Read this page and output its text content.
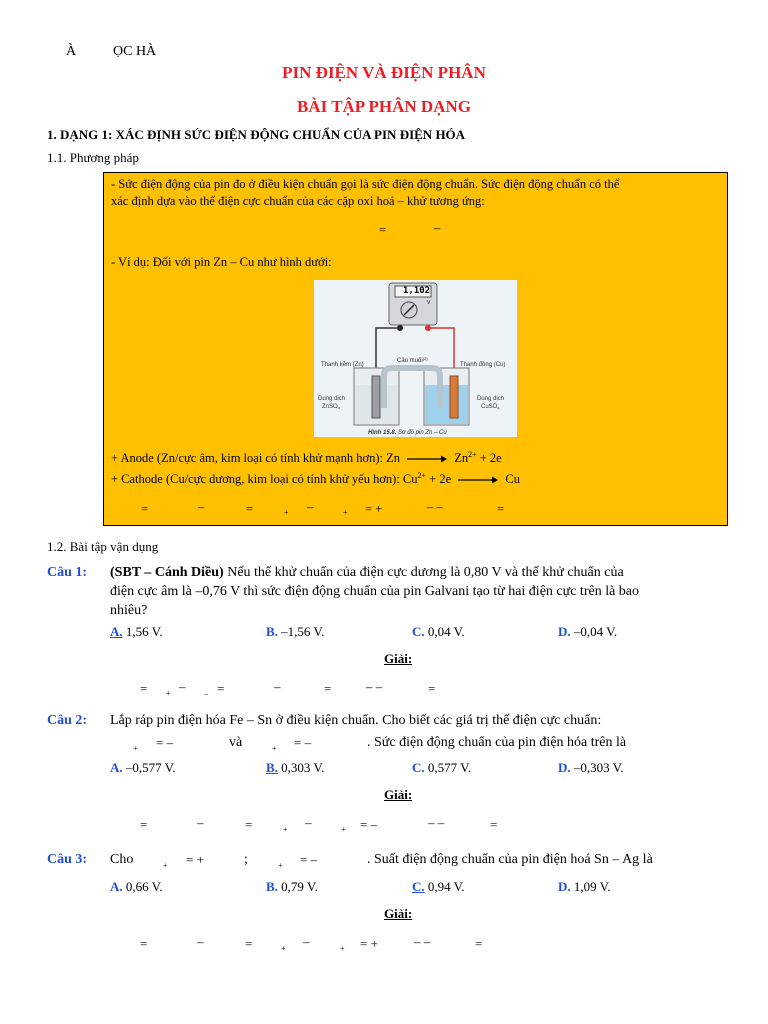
À	ỌC HÀ
PIN ĐIỆN VÀ ĐIỆN PHÂN
BÀI TẬP PHÂN DẠNG
1. DẠNG 1: XÁC ĐỊNH SỨC ĐIỆN ĐỘNG CHUẨN CỦA PIN ĐIỆN HÓA
1.1. Phương pháp
- Sức điện động của pin đo ở điều kiện chuẩn gọi là sức điện động chuẩn. Sức điện động chuẩn có thể
xác định dựa vào thế điện cực chuẩn của các cặp oxi hoá – khử tương ứng:
=	–
- Ví dụ: Đối với pin Zn – Cu như hình dưới:
+ Anode (Zn/cực âm, kim loại có tính khử mạnh hơn): Zn	$Zn^{2+} + 2e$
+ Cathode (Cu/cực dương, kim loại có tính khử yếu hơn): $Cu^{2+} + 2e$	Cu
=	–	=	+ –	+ = +	– –	=
Thanh kẽm (Zn)
Cầu muối$^{(2)}$
Thanh đồng (Cu)
Dung dịch
ZnSO$_4$
Dung dịch
CuSO$_4$
Hình 15.8. Sơ đồ pin Zn – Cu
1,102
V
1.2. Bài tập vận dụng
Câu 1: (SBT – Cánh Diều) Nếu thế khử chuẩn của điện cực dương là 0,80 V và thế khử chuẩn của
điện cực âm là –0,76 V thì sức điện động chuẩn của pin Galvani tạo từ hai điện cực trên là bao
nhiêu?
A. 1,56 V.	B. –1,56 V.	C. 0,04 V.	D. –0,04 V.
Giải:
= + – – =	–	=	– –	=
Câu 2: Lắp ráp pin điện hóa Fe – Sn ở điều kiện chuẩn. Cho biết các giá trị thế điện cực chuẩn:
+ = –	và	+ = –	. Sức điện động chuẩn của pin điện hóa trên là
A. –0,577 V.	B. 0,303 V.	C. 0,577 V.	D. –0,303 V.
Giải:
=	–	=	+ –	+ = –	– –	=
Câu 3: Cho	+ = +	;	+ = –	. Suất điện động chuẩn của pin điện hoá Sn – Ag là
A. 0,66 V.	B. 0,79 V.	C. 0,94 V.	D. 1,09 V.
Giải:
=	–	=	+ –	+ = +	– –	=
